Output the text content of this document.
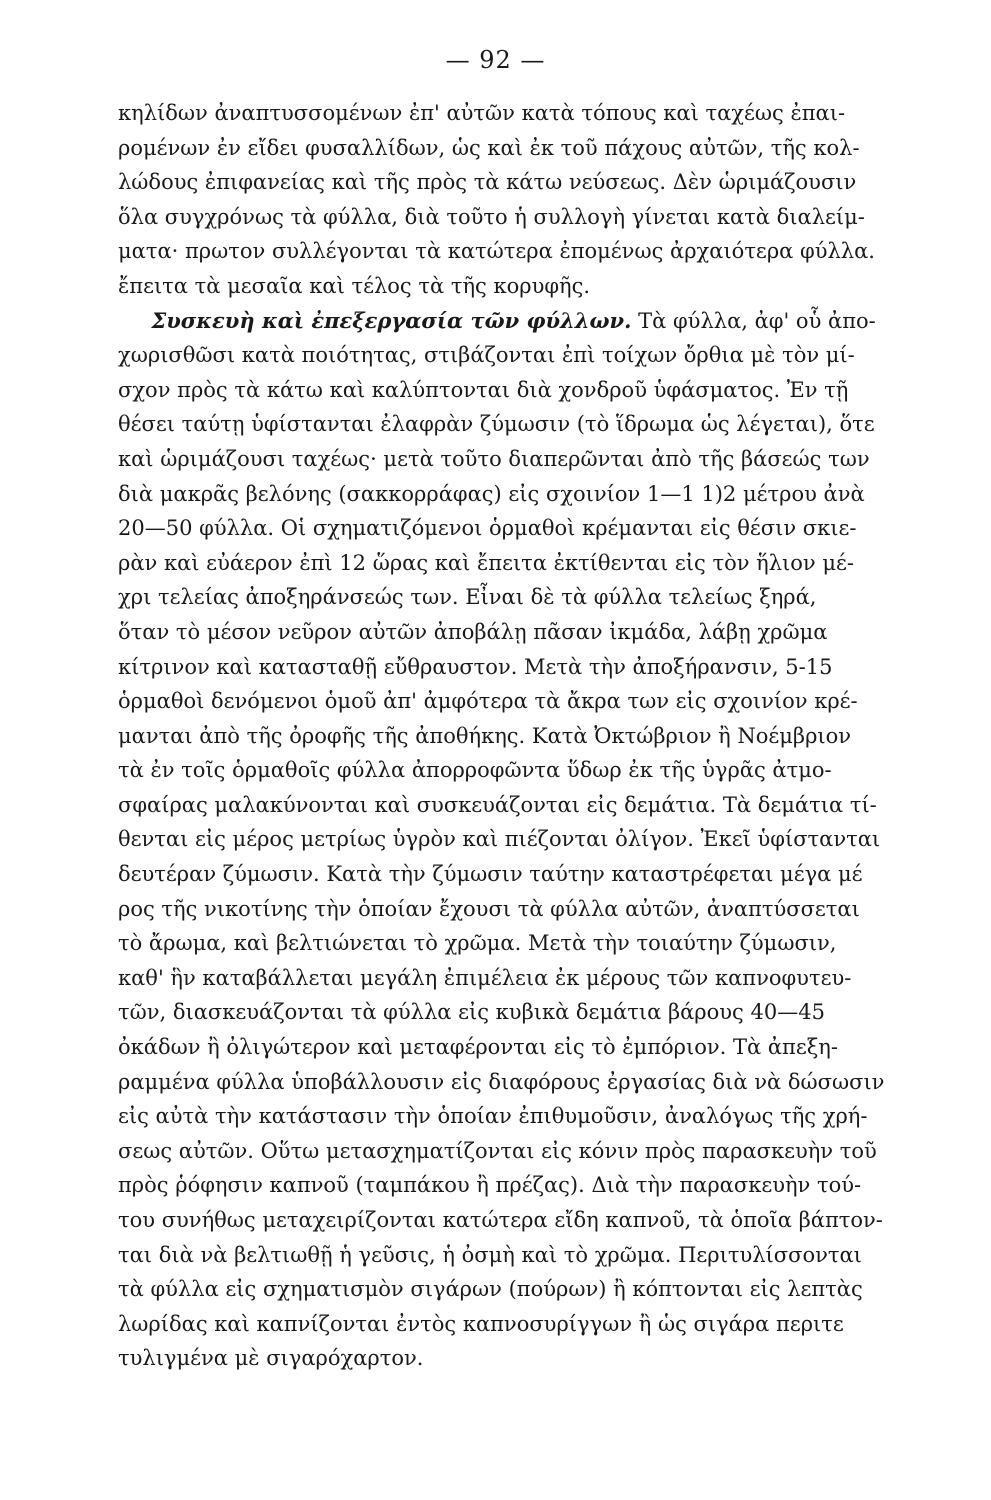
— 92 —
κηλίδων ἀναπτυσσομένων ἐπ' αὐτῶν κατὰ τόπους καὶ ταχέως ἐπαι-
ρομένων ἐν εἴδει φυσαλλίδων, ὡς καὶ ἐκ τοῦ πάχους αὐτῶν, τῆς κολ-
λώδους ἐπιφανείας καὶ τῆς πρὸς τὰ κάτω νεύσεως. Δὲν ὡριμάζουσιν
ὅλα συγχρόνως τὰ φύλλα, διὰ τοῦτο ἡ συλλογὴ γίνεται κατὰ διαλείμ-
ματα· πρωτον συλλέγονται τὰ κατώτερα ἐπομένως ἀρχαιότερα φύλλα.
ἔπειτα τὰ μεσαῖα καὶ τέλος τὰ τῆς κορυφῆς.
Συσκευὴ καὶ ἐπεξεργασία τῶν φύλλων. Τὰ φύλλα, ἀφ' οὗ ἀπο-
χωρισθῶσι κατὰ ποιότητας, στιβάζονται ἐπὶ τοίχων ὄρθια μὲ τὸν μί-
σχον πρὸς τὰ κάτω καὶ καλύπτονται διὰ χονδροῦ ὑφάσματος. Ἐν τῇ
θέσει ταύτῃ ὑφίστανται ἐλαφρὰν ζύμωσιν (τὸ ἵδρωμα ὡς λέγεται), ὅτε
καὶ ὡριμάζουσι ταχέως· μετὰ τοῦτο διαπερῶνται ἀπὸ τῆς βάσεώς των
διὰ μακρᾶς βελόνης (σακκορράφας) εἰς σχοινίον 1—1 1)2 μέτρου ἀνὰ
20—50 φύλλα. Οἱ σχηματιζόμενοι ὁρμαθοὶ κρέμανται εἰς θέσιν σκιε-
ρὰν καὶ εὐάερον ἐπὶ 12 ὥρας καὶ ἔπειτα ἐκτίθενται εἰς τὸν ἥλιον μέ-
χρι τελείας ἀποξηράνσεώς των. Εἶναι δὲ τὰ φύλλα τελείως ξηρά,
ὅταν τὸ μέσον νεῦρον αὐτῶν ἀποβάλῃ πᾶσαν ἰκμάδα, λάβῃ χρῶμα
κίτρινον καὶ κατασταθῇ εὔθραυστον. Μετὰ τὴν ἀποξήρανσιν, 5-15
ὁρμαθοὶ δενόμενοι ὁμοῦ ἀπ' ἀμφότερα τὰ ἄκρα των εἰς σχοινίον κρέ-
μανται ἀπὸ τῆς ὀροφῆς τῆς ἀποθήκης. Κατὰ Ὀκτώβριον ἢ Νοέμβριον
τὰ ἐν τοῖς ὁρμαθοῖς φύλλα ἀπορροφῶντα ὕδωρ ἐκ τῆς ὑγρᾶς ἀτμο-
σφαίρας μαλακύνονται καὶ συσκευάζονται εἰς δεμάτια. Τὰ δεμάτια τί-
θενται εἰς μέρος μετρίως ὑγρὸν καὶ πιέζονται ὀλίγον. Ἐκεῖ ὑφίστανται
δευτέραν ζύμωσιν. Κατὰ τὴν ζύμωσιν ταύτην καταστρέφεται μέγα μέ
ρος τῆς νικοτίνης τὴν ὁποίαν ἔχουσι τὰ φύλλα αὐτῶν, ἀναπτύσσεται
τὸ ἄρωμα, καὶ βελτιώνεται τὸ χρῶμα. Μετὰ τὴν τοιαύτην ζύμωσιν,
καθ' ἣν καταβάλλεται μεγάλη ἐπιμέλεια ἐκ μέρους τῶν καπνοφυτευ-
τῶν, διασκευάζονται τὰ φύλλα εἰς κυβικὰ δεμάτια βάρους 40—45
ὀκάδων ἢ ὀλιγώτερον καὶ μεταφέρονται εἰς τὸ ἐμπόριον. Τὰ ἀπεξη-
ραμμένα φύλλα ὑποβάλλουσιν εἰς διαφόρους ἐργασίας διὰ νὰ δώσωσιν
εἰς αὐτὰ τὴν κατάστασιν τὴν ὁποίαν ἐπιθυμοῦσιν, ἀναλόγως τῆς χρή-
σεως αὐτῶν. Οὕτω μετασχηματίζονται εἰς κόνιν πρὸς παρασκευὴν τοῦ
πρὸς ῥόφησιν καπνοῦ (ταμπάκου ἢ πρέζας). Διὰ τὴν παρασκευὴν τού-
του συνήθως μεταχειρίζονται κατώτερα εἴδη καπνοῦ, τὰ ὁποῖα βάπτον-
ται διὰ νὰ βελτιωθῇ ἡ γεῦσις, ἡ ὀσμὴ καὶ τὸ χρῶμα. Περιτυλίσσονται
τὰ φύλλα εἰς σχηματισμὸν σιγάρων (πούρων) ἢ κόπτονται εἰς λεπτὰς
λωρίδας καὶ καπνίζονται ἐντὸς καπνοσυρίγγων ἢ ὡς σιγάρα περιτε
τυλιγμένα μὲ σιγαρόχαρτον.
